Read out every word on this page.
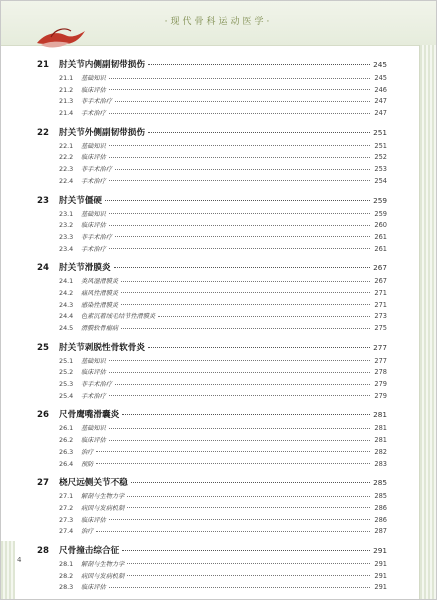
·现代骨科运动医学·
4
21	肘关节内侧副韧带损伤	245
21.1	基础知识	245
21.2	临床评估	246
21.3	非手术治疗	247
21.4	手术治疗	247
22	肘关节外侧副韧带损伤	251
22.1	基础知识	251
22.2	临床评估	252
22.3	非手术治疗	253
22.4	手术治疗	254
23	肘关节僵硬	259
23.1	基础知识	259
23.2	临床评估	260
23.3	非手术治疗	261
23.4	手术治疗	261
24	肘关节滑膜炎	267
24.1	类风湿滑膜炎	267
24.2	痛风性滑膜炎	271
24.3	感染性滑膜炎	271
24.4	色素沉着绒毛结节性滑膜炎	273
24.5	滑膜软骨瘤病	275
25	肘关节剥脱性骨软骨炎	277
25.1	基础知识	277
25.2	临床评估	278
25.3	非手术治疗	279
25.4	手术治疗	279
26	尺骨鹰嘴滑囊炎	281
26.1	基础知识	281
26.2	临床评估	281
26.3	治疗	282
26.4	预防	283
27	桡尺远侧关节不稳	285
27.1	解剖与生物力学	285
27.2	病因与发病机制	286
27.3	临床评估	286
27.4	治疗	287
28	尺骨撞击综合征	291
28.1	解剖与生物力学	291
28.2	病因与发病机制	291
28.3	临床评估	291
